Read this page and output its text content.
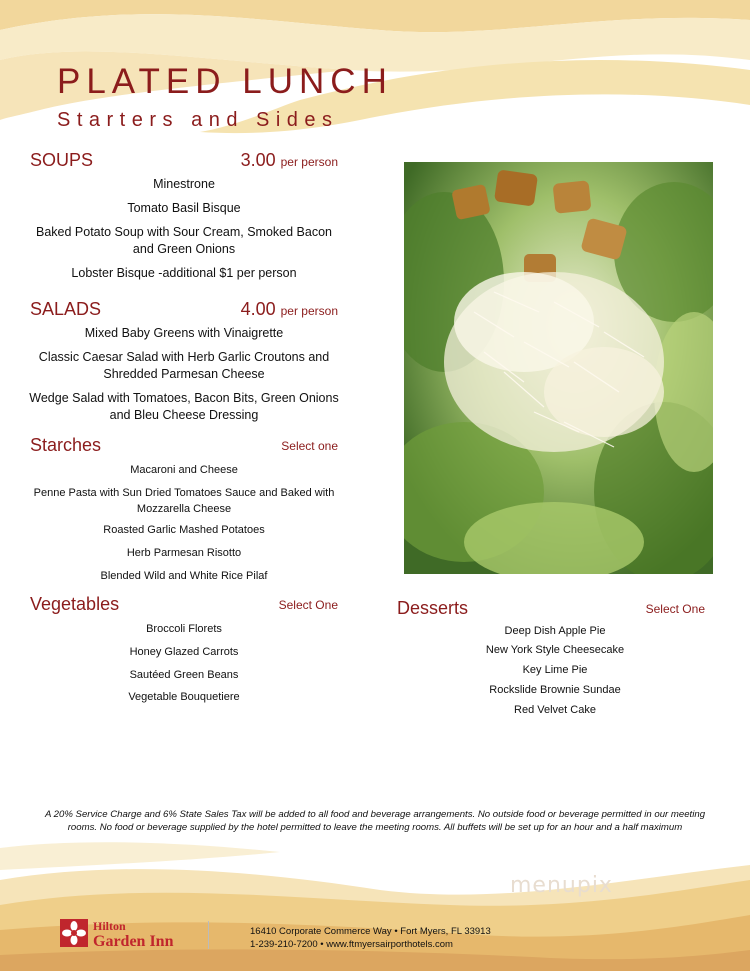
PLATED LUNCH
Starters and Sides
SOUPS	3.00 per person
Minestrone
Tomato Basil Bisque
Baked Potato Soup with Sour Cream, Smoked Bacon and Green Onions
Lobster Bisque -additional $1 per person
SALADS	4.00 per person
Mixed Baby Greens with Vinaigrette
Classic Caesar Salad with Herb Garlic Croutons and Shredded Parmesan Cheese
Wedge Salad with Tomatoes, Bacon Bits, Green Onions and Bleu Cheese Dressing
Starches	Select one
Macaroni and Cheese
Penne Pasta with Sun Dried Tomatoes Sauce and Baked with Mozzarella Cheese
Roasted Garlic Mashed Potatoes
Herb Parmesan Risotto
Blended Wild and White Rice Pilaf
Vegetables	Select One
Broccoli Florets
Honey Glazed Carrots
Sautéed Green Beans
Vegetable Bouquetiere
Desserts	Select One
Deep Dish Apple Pie
New York Style Cheesecake
Key Lime Pie
Rockslide Brownie Sundae
Red Velvet Cake
A 20% Service Charge and 6% State Sales Tax will be added to all food and beverage arrangements. No outside food or beverage permitted in our meeting rooms. No food or beverage supplied by the hotel permitted to leave the meeting rooms. All buffets will be set up for an hour and a half maximum
menupix
Hilton
Garden Inn
16410 Corporate Commerce Way • Fort Myers, FL 33913
1-239-210-7200 • www.ftmyersairporthotels.com
